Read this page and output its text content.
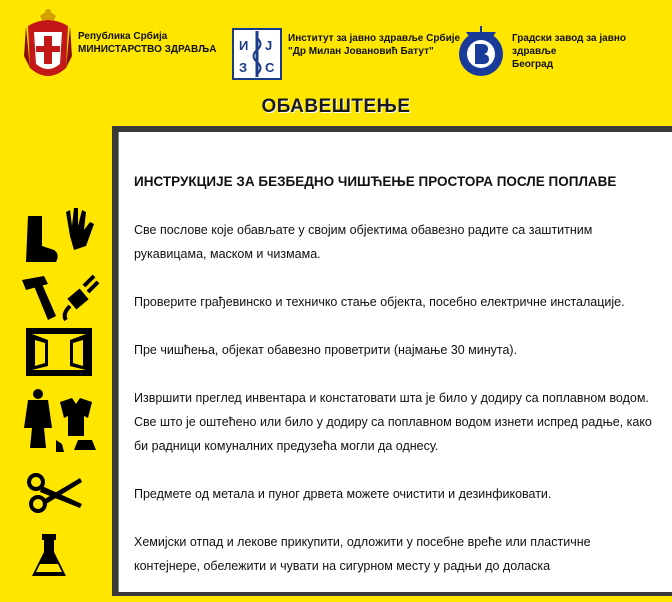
Република Србија
МИНИСТАРСТВО ЗДРАВЉА И J
З С
Институт за јавно здравље Србије
"Др Милан Јовановић Батут"
Градски завод за јавно здравље
Београд
ОБАВЕШТЕЊЕ
ИНСТРУКЦИЈЕ ЗА БЕЗБЕДНО ЧИШЋЕЊЕ ПРОСТОРА ПОСЛЕ ПОПЛАВЕ

Све послове које обављате у својим објектима обавезно радите са заштитним рукавицама, маском и чизмама.

Проверите грађевинско и техничко стање објекта, посебно електричне инсталације.

Пре чишћења, објекат обавезно проветрити (најмање 30 минута).

Извршити преглед инвентара и констатовати шта је било у додиру са поплавном водом. Све што је оштећено или било у додиру са поплавном водом изнети испред радње, како би радници комуналних предузећа могли да однесу.

Предмете од метала и пуног дрвета можете очистити и дезинфиковати.

Хемијски отпад и лекове прикупити, одложити у посебне вреће или пластичне контејнере, обележити и чувати на сигурном месту у радњи до доласка
